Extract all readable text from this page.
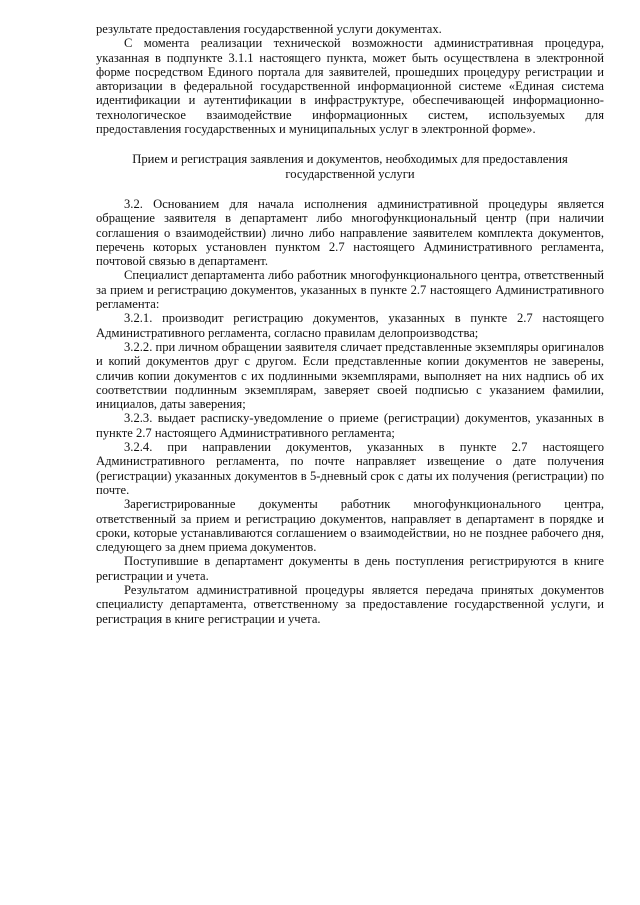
результате предоставления государственной услуги документах.

С момента реализации технической возможности административная процедура, указанная в подпункте 3.1.1 настоящего пункта, может быть осуществлена в электронной форме посредством Единого портала для заявителей, прошедших процедуру регистрации и авторизации в федеральной государственной информационной системе «Единая система идентификации и аутентификации в инфраструктуре, обеспечивающей информационно-технологическое взаимодействие информационных систем, используемых для предоставления государственных и муниципальных услуг в электронной форме».

Прием и регистрация заявления и документов, необходимых для предоставления государственной услуги

3.2. Основанием для начала исполнения административной процедуры является обращение заявителя в департамент либо многофункциональный центр (при наличии соглашения о взаимодействии) лично либо направление заявителем комплекта документов, перечень которых установлен пунктом 2.7 настоящего Административного регламента, почтовой связью в департамент.

Специалист департамента либо работник многофункционального центра, ответственный за прием и регистрацию документов, указанных в пункте 2.7 настоящего Административного регламента:

3.2.1. производит регистрацию документов, указанных в пункте 2.7 настоящего Административного регламента, согласно правилам делопроизводства;

3.2.2. при личном обращении заявителя сличает представленные экземпляры оригиналов и копий документов друг с другом. Если представленные копии документов не заверены, сличив копии документов с их подлинными экземплярами, выполняет на них надпись об их соответствии подлинным экземплярам, заверяет своей подписью с указанием фамилии, инициалов, даты заверения;

3.2.3. выдает расписку-уведомление о приеме (регистрации) документов, указанных в пункте 2.7 настоящего Административного регламента;

3.2.4. при направлении документов, указанных в пункте 2.7 настоящего Административного регламента, по почте направляет извещение о дате получения (регистрации) указанных документов в 5-дневный срок с даты их получения (регистрации) по почте.

Зарегистрированные документы работник многофункционального центра, ответственный за прием и регистрацию документов, направляет в департамент в порядке и сроки, которые устанавливаются соглашением о взаимодействии, но не позднее рабочего дня, следующего за днем приема документов.

Поступившие в департамент документы в день поступления регистрируются в книге регистрации и учета.

Результатом административной процедуры является передача принятых документов специалисту департамента, ответственному за предоставление государственной услуги, и регистрация в книге регистрации и учета.
